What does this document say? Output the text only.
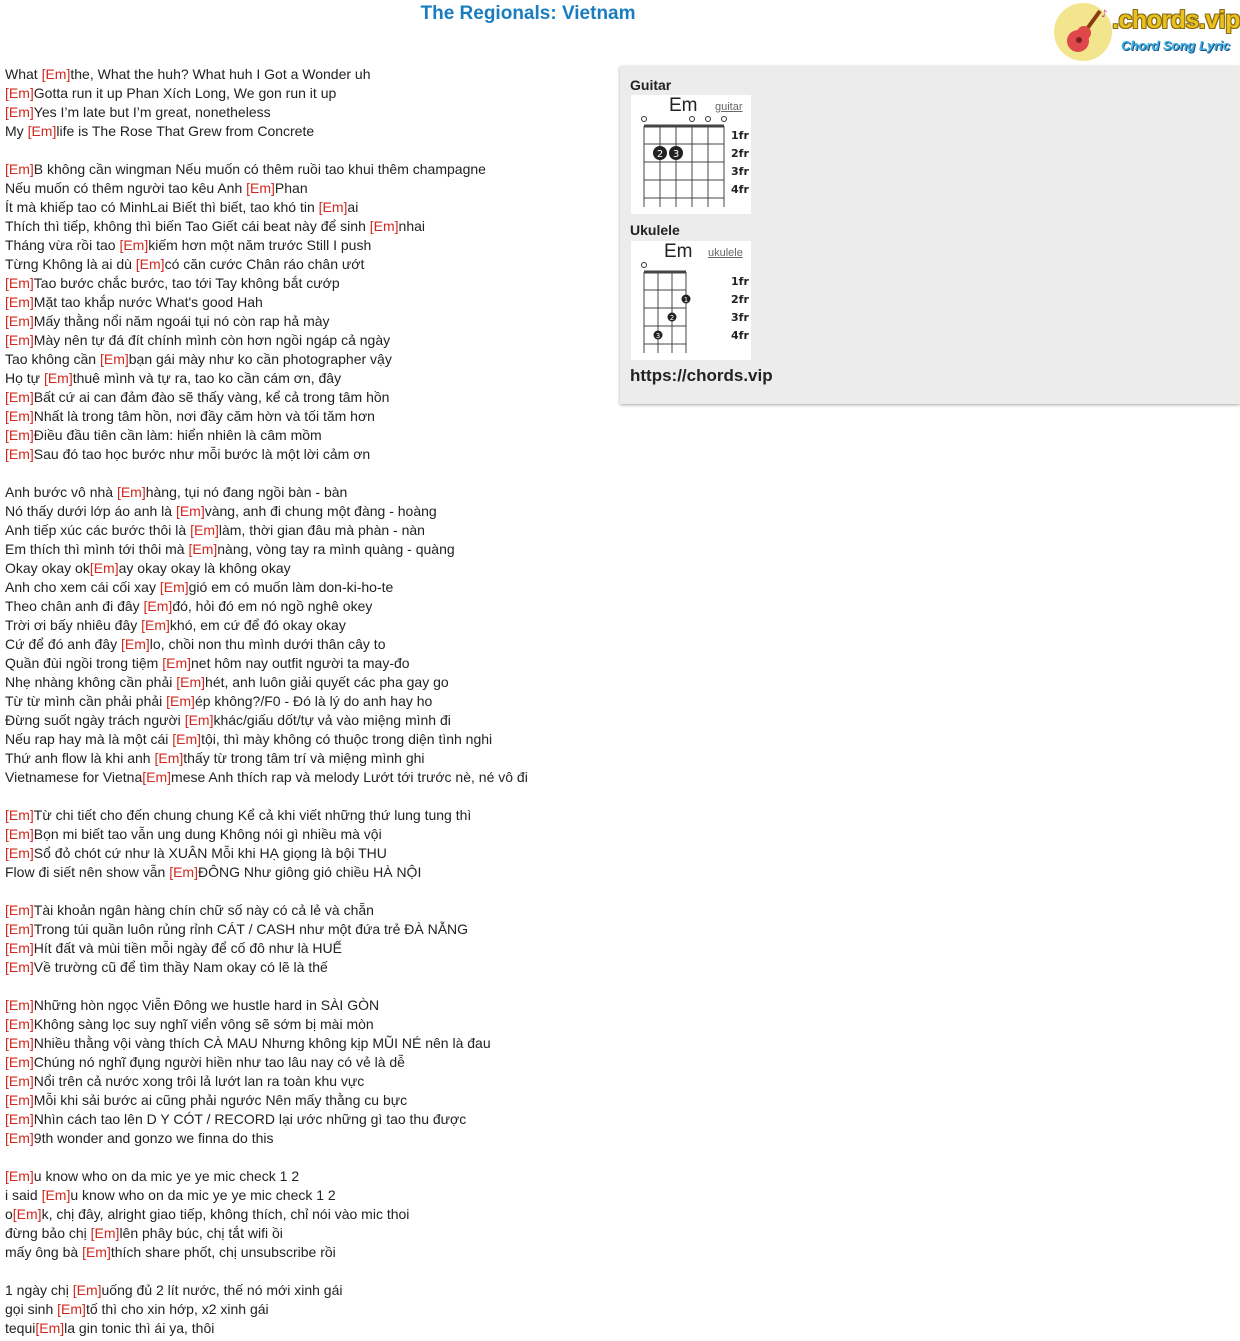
The Regionals: Vietnam	♪ .chords.vip
Chord Song Lyric
What [Em]the, What the huh? What huh I Got a Wonder uh
[Em]Gotta run it up Phan Xích Long, We gon run it up
[Em]Yes I’m late but I’m great, nonetheless
My [Em]life is The Rose That Grew from Concrete
[Em]B không cần wingman Nếu muốn có thêm ruồi tao khui thêm champagne
Nếu muốn có thêm người tao kêu Anh [Em]Phan
Ít mà khiếp tao có MinhLai Biết thì biết, tao khó tin [Em]ai
Thích thì tiếp, không thì biến Tao Giết cái beat này để sinh [Em]nhai
Tháng vừa rồi tao [Em]kiếm hơn một năm trước Still I push
Từng Không là ai dù [Em]có căn cước Chân ráo chân ướt
[Em]Tao bước chắc bước, tao tới Tay không bắt cướp
[Em]Mặt tao khắp nước What's good Hah
[Em]Mấy thằng nổi năm ngoái tụi nó còn rap hả mày
[Em]Mày nên tự đá đít chính mình còn hơn ngồi ngáp cả ngày
Tao không cần [Em]bạn gái mày như ko cần photographer vậy
Họ tự [Em]thuê mình và tự ra, tao ko cần cám ơn, đây
[Em]Bất cứ ai can đảm đào sẽ thấy vàng, kể cả trong tâm hồn
[Em]Nhất là trong tâm hồn, nơi đầy căm hờn và tối tăm hơn
[Em]Điều đầu tiên cần làm: hiển nhiên là câm mồm
[Em]Sau đó tao học bước như mỗi bước là một lời cảm ơn
Anh bước vô nhà [Em]hàng, tụi nó đang ngồi bàn - bàn
Nó thấy dưới lớp áo anh là [Em]vàng, anh đi chung một đàng - hoàng
Anh tiếp xúc các bước thôi là [Em]làm, thời gian đâu mà phàn - nàn
Em thích thì mình tới thôi mà [Em]nàng, vòng tay ra mình quàng - quàng
Okay okay ok[Em]ay okay okay là không okay
Anh cho xem cái cối xay [Em]gió em có muốn làm don-ki-ho-te
Theo chân anh đi đây [Em]đó, hỏi đó em nó ngồ nghê okey
Trời ơi bấy nhiêu đây [Em]khó, em cứ để đó okay okay
Cứ để đó anh đây [Em]lo, chồi non thu mình dưới thân cây to
Quần đùi ngồi trong tiệm [Em]net hôm nay outfit người ta may-đo
Nhẹ nhàng không cần phải [Em]hét, anh luôn giải quyết các pha gay go
Từ từ mình cần phải phải [Em]ép không?/F0 - Đó là lý do anh hay ho
Đừng suốt ngày trách người [Em]khác/giấu dốt/tự vả vào miệng mình đi
Nếu rap hay mà là một cái [Em]tội, thì mày không có thuộc trong diện tình nghi
Thứ anh flow là khi anh [Em]thấy từ trong tâm trí và miệng mình ghi
Vietnamese for Vietna[Em]mese Anh thích rap và melody Lướt tới trước nè, né vô đi
[Em]Từ chi tiết cho đến chung chung Kể cả khi viết những thứ lung tung thì
[Em]Bọn mi biết tao vẫn ung dung Không nói gì nhiều mà vội
[Em]Sổ đỏ chót cứ như là XUÂN Mỗi khi HẠ giọng là bội THU
Flow đi siết nên show vẫn [Em]ĐÔNG Như giông gió chiều HÀ NỘI
[Em]Tài khoản ngân hàng chín chữ số này có cả lẻ và chẵn
[Em]Trong túi quần luôn rủng rỉnh CÁT / CASH như một đứa trẻ ĐÀ NẴNG
[Em]Hít đất và mùi tiền mỗi ngày để cố đô như là HUẾ
[Em]Về trường cũ để tìm thầy Nam okay có lẽ là thế
[Em]Những hòn ngọc Viễn Đông we hustle hard in SÀI GÒN
[Em]Không sàng lọc suy nghĩ viển vông sẽ sớm bị mài mòn
[Em]Nhiều thằng vội vàng thích CÀ MAU Nhưng không kịp MŨI NÉ nên là đau
[Em]Chúng nó nghĩ đụng người hiền như tao lâu nay có vẻ là dễ
[Em]Nổi trên cả nước xong trôi lả lướt lan ra toàn khu vực
[Em]Mỗi khi sải bước ai cũng phải ngước Nên mấy thằng cu bực
[Em]Nhìn cách tao lên D Y CÓT / RECORD lại ước những gì tao thu được
[Em]9th wonder and gonzo we finna do this
[Em]u know who on da mic ye ye mic check 1 2
i said [Em]u know who on da mic ye ye mic check 1 2
o[Em]k, chị đây, alright giao tiếp, không thích, chỉ nói vào mic thoi
đừng bảo chị [Em]lên phây búc, chị tắt wifi ồi
mấy ông bà [Em]thích share phốt, chị unsubscribe rồi
1 ngày chị [Em]uống đủ 2 lít nước, thế nó mới xinh gái
gọi sinh [Em]tố thì cho xin hớp, x2 xinh gái
tequi[Em]la gin tonic thì ái ya, thôi
Guitar
Em guitar
2 3
1fr
2fr
3fr
4fr
Ukulele
Em ukulele
1
2
3
1fr
2fr
3fr
4fr
https://chords.vip
